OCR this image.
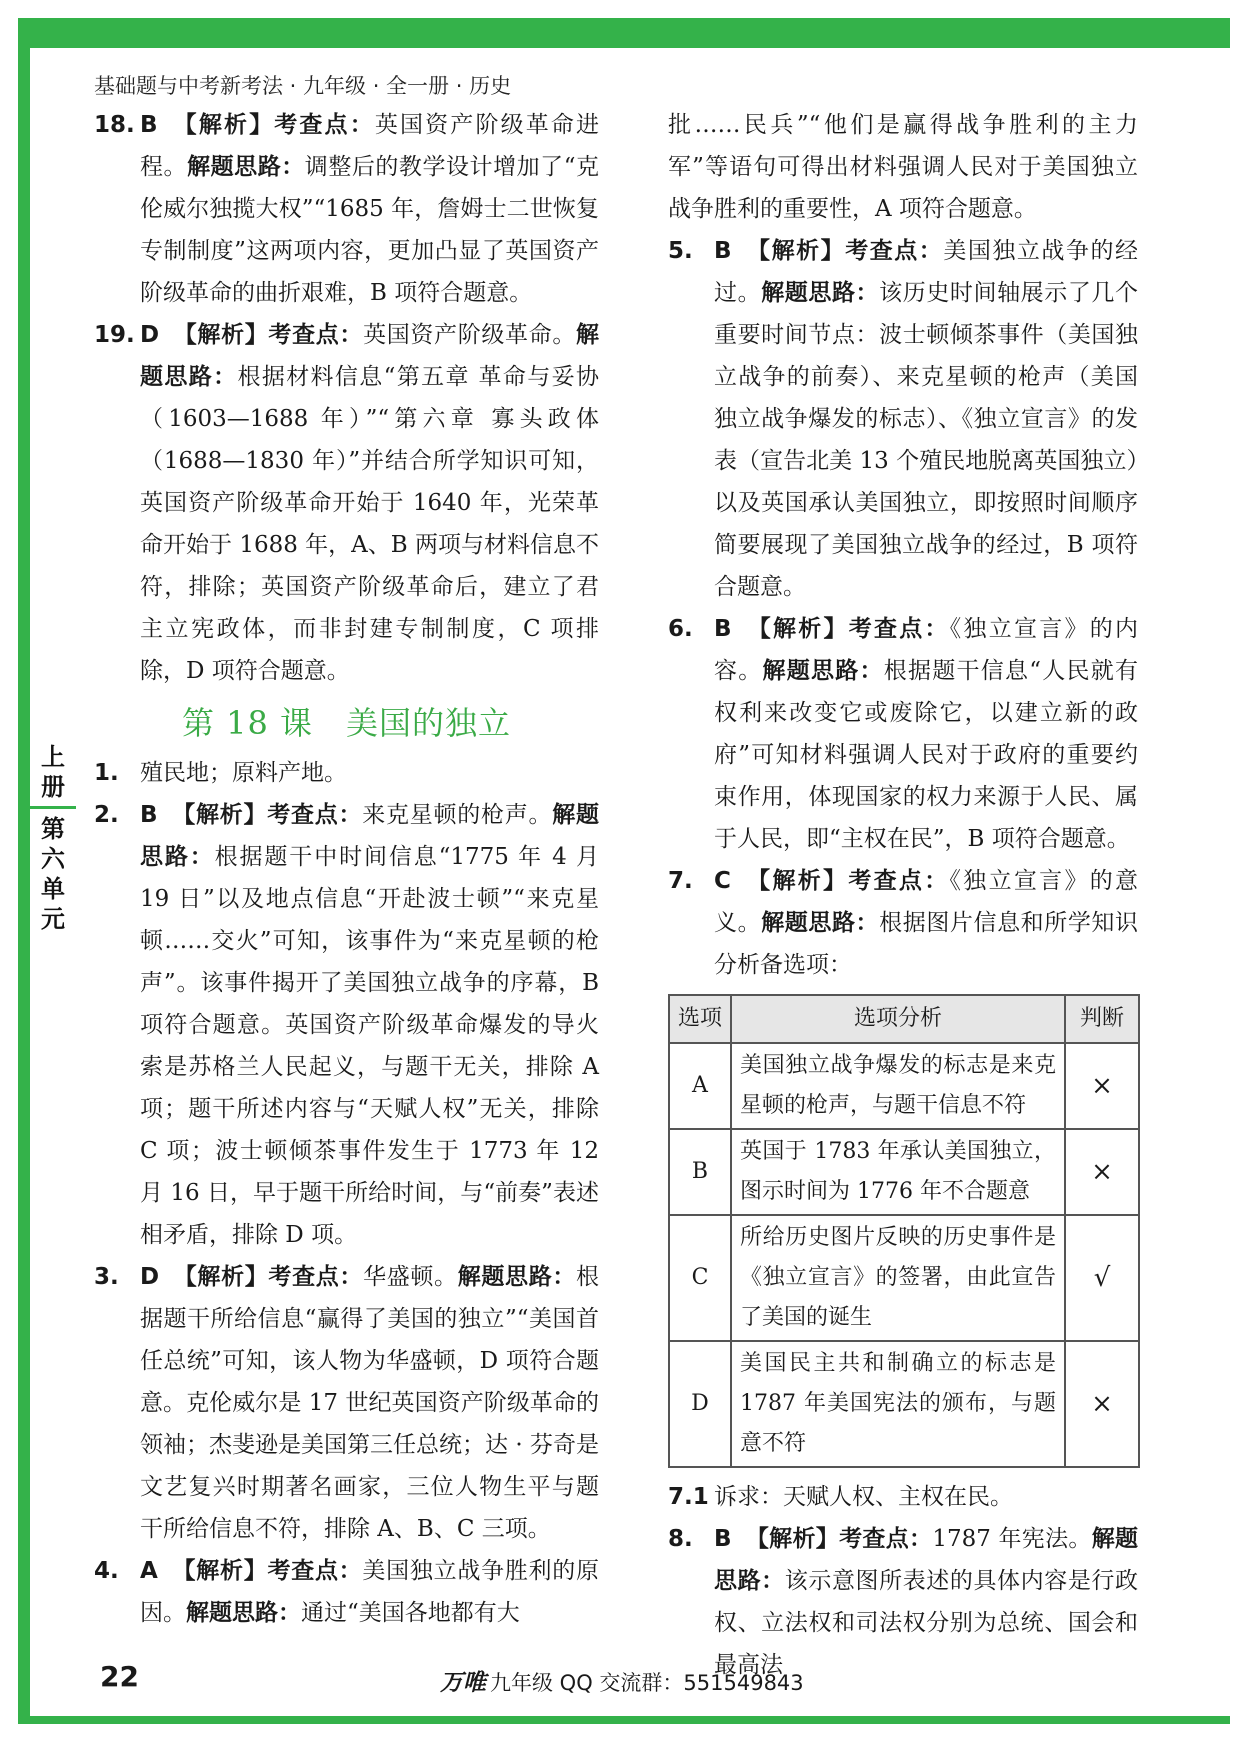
基础题与中考新考法 · 九年级 · 全一册 · 历史
上
册
第
六
单
元

18. B 【解析】考查点：英国资产阶级革命进程。解题思路：调整后的教学设计增加了“克伦威尔独揽大权”“1685 年，詹姆士二世恢复专制制度”这两项内容，更加凸显了英国资产阶级革命的曲折艰难，B 项符合题意。

19. D 【解析】考查点：英国资产阶级革命。解题思路：根据材料信息“第五章 革命与妥协（1603—1688 年）”“第六章 寡头政体（1688—1830 年）”并结合所学知识可知，英国资产阶级革命开始于 1640 年，光荣革命开始于 1688 年，A、B 两项与材料信息不符，排除；英国资产阶级革命后，建立了君主立宪政体，而非封建专制制度，C 项排除，D 项符合题意。

第 18 课　美国的独立

1. 殖民地；原料产地。

2. B 【解析】考查点：来克星顿的枪声。解题思路：根据题干中时间信息“1775 年 4 月 19 日”以及地点信息“开赴波士顿”“来克星顿……交火”可知，该事件为“来克星顿的枪声”。该事件揭开了美国独立战争的序幕，B 项符合题意。英国资产阶级革命爆发的导火索是苏格兰人民起义，与题干无关，排除 A 项；题干所述内容与“天赋人权”无关，排除 C 项；波士顿倾茶事件发生于 1773 年 12 月 16 日，早于题干所给时间，与“前奏”表述相矛盾，排除 D 项。

3. D 【解析】考查点：华盛顿。解题思路：根据题干所给信息“赢得了美国的独立”“美国首任总统”可知，该人物为华盛顿，D 项符合题意。克伦威尔是 17 世纪英国资产阶级革命的领袖；杰斐逊是美国第三任总统；达 · 芬奇是文艺复兴时期著名画家，三位人物生平与题干所给信息不符，排除 A、B、C 三项。

4. A 【解析】考查点：美国独立战争胜利的原因。解题思路：通过“美国各地都有大

批……民兵”“他们是赢得战争胜利的主力军”等语句可得出材料强调人民对于美国独立战争胜利的重要性，A 项符合题意。

5. B 【解析】考查点：美国独立战争的经过。解题思路：该历史时间轴展示了几个重要时间节点：波士顿倾茶事件（美国独立战争的前奏）、来克星顿的枪声（美国独立战争爆发的标志）、《独立宣言》的发表（宣告北美 13 个殖民地脱离英国独立）以及英国承认美国独立，即按照时间顺序简要展现了美国独立战争的经过，B 项符合题意。

6. B 【解析】考查点：《独立宣言》的内容。解题思路：根据题干信息“人民就有权利来改变它或废除它，以建立新的政府”可知材料强调人民对于政府的重要约束作用，体现国家的权力来源于人民、属于人民，即“主权在民”，B 项符合题意。

7. C 【解析】考查点：《独立宣言》的意义。解题思路：根据图片信息和所学知识分析备选项：

选项	选项分析	判断
A	美国独立战争爆发的标志是来克星顿的枪声，与题干信息不符	×
B	英国于 1783 年承认美国独立，图示时间为 1776 年不合题意	×
C	所给历史图片反映的历史事件是《独立宣言》的签署，由此宣告了美国的诞生	√
D	美国民主共和制确立的标志是 1787 年美国宪法的颁布，与题意不符	×

7.1 诉求：天赋人权、主权在民。

8. B 【解析】考查点：1787 年宪法。解题思路：该示意图所表述的具体内容是行政权、立法权和司法权分别为总统、国会和最高法

22	万唯 九年级 QQ 交流群：551549843
